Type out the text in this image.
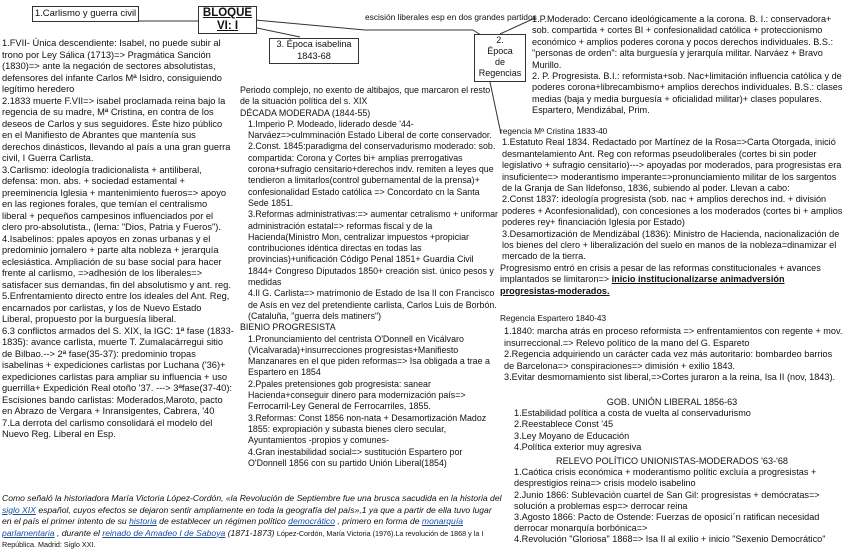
1.Carlismo y guerra civil	BLOQUE
VI: I
3. Época isabelina
1843-68
escisión liberales esp en dos grandes partidos
2.
Época
de
Regencias

1.FVII- Única descendiente: Isabel, no puede subir al trono por Ley Sálica (1713)=> Pragmática Sanción (1830)=> ante la negación de sectores absolutistas, defensores del infante Carlos Mª Isidro, consiguiendo legítimo heredero

2.1833 muerte F.VII=> isabel proclamada reina bajo la regencia de su madre, Mª Cristina, en contra de los deseos de Carlos y sus seguidores. Éste hizo público en el Manifiesto de Abrantes que mantenía sus derechos dinásticos, llevando al país a una gran guerra civil, I Guerra Carlista.

3.Carlismo: ideología tradicionalista + antiliberal, defensa: mon. abs. + sociedad estamental + preeminencia Iglesia + mantenimiento fueros=> apoyo en las regiones forales, que temían el centralismo liberal + pequeños campesinos influenciados por el clero pro-absolutista., (lema: "Dios, Patria y Fueros").

4.Isabelinos: ppales apoyos en zonas urbanas y el predominio jornalero + parte alta nobleza + jerarquía eclesiástica. Ampliación de su base social para hacer frente al carlismo, =>adhesión de los liberales=> satisfacer sus demandas, fin del absolutismo y ant. reg.

5.Enfrentamiento directo entre los ideales del Ant. Reg, encarnados por carlistas, y los de Nuevo Estado Liberal, propuesto por la burguesía liberal.

6.3 conflictos armados del S. XIX, la IGC: 1ª fase (1833-1835): avance carlista, muerte T. Zumalacárregui sitio de Bilbao.--> 2ª fase(35-37): predominio tropas isabelinas + expediciones carlistas por Luchana ('36)+ expediciones carlistas para ampliar su influencia + uso guerrilla+ Expedición Real otoño '37. ---> 3ªfase(37-40): Escisiones bando carlistas: Moderados,Maroto, pacto en Abrazo de Vergara + Inransigentes, Cabrera, '40

7.La derrota del carlismo consolidará el modelo del Nuevo Reg. Liberal en Esp.

Como señaló la historiadora María Victoria López-Cordón, «la Revolución de Septiembre fue una brusca sacudida en la historia del siglo XIX español, cuyos efectos se dejaron sentir ampliamente en toda la geografía del país»,1 ya que a partir de ella tuvo lugar en el país el primer intento de su historia de establecer un régimen político democrático , primero en forma de monarquía parlamentaria , durante el reinado de Amadeo I de Saboya (1871-1873) López-Cordón, María Victoria (1976).La revolución de 1868 y la I República. Madrid: Siglo XXI.

Periodo complejo, no exento de altibajos, que marcaron el resto de la situación política del s. XIX

DÉCADA MODERADA (1844-55)

1.Imperio P. Modeado, liderado desde '44-Narváez=>culmminación Estado Liberal de corte conservador.

2.Const. 1845:paradigma del conservadurismo moderado: sob. compartida: Corona y Cortes bi+ amplias prerrogativas corona+sufragio censitario+derechos indv. remiten a leyes que tendieron a limitarlos(control gubernamental de la prensa)+ confesionalidad Estado católica => Concordato cn la Santa Sede 1851.

3.Reformas administrativas:=> aumentar cetralismo + uniformar administración estatal=> reformas fiscal y de la Hacienda(Ministro Mon, centralizar impuestos +propiciar contribuciones idéntica directas en todas las provincias)+unificación Código Penal 1851+ Guardia Civil 1844+ Congreso Diputados 1850+ creación sist. único pesos y medidas

4.Il G. Carlista=> matrimonio de Estado de Isa II con Francisco de Asís en vez del pretendiente carlista, Carlos Luis de Borbón. (Cataluña, "guerra dels matiners")

BIENIO PROGRESISTA

1.Pronunciamiento del centrista O'Donnell en Vicálvaro (Vicalvarada)+insurrecciones progresistas+Manifiesto Manzanares en el que piden reformas=> Isa obligada a trae a Espartero en 1854

2.Ppales pretensiones gob progresista: sanear Hacienda+conseguir dinero para modernización país=> Ferrocarril-Ley General de Ferrocarriles, 1855.

3.Reformas: Const 1856 non-nata + Desamortización Madoz 1855: expropiación y subasta bienes clero secular, Ayuntamientos -propios y comunes-

4.Gran inestabilidad social=> sustitución Espartero por O'Donnell 1856 con su partido Unión Liberal(1854)

1.P.Moderado: Cercano ideológicamente a la corona. B. I.: conservadora+ sob. compartida + cortes BI + confesionalidad católica + proteccionismo económico + amplios poderes corona y pocos derechos individuales. B.S.: "personas de orden": alta burguesía y jerarquía militar. Narváez + Bravo Murillo.

2. P. Progresista. B.I.: reformista+sob. Nac+limitación influencia católica y de poderes corona+librecambismo+ amplios derechos individuales. B.S.: clases medias (baja y media burguesía + oficialidad militar)+ clases populares. Espartero, Mendizábal, Prim.

regencia Mª Cristina 1833-40

1.Estatuto Real 1834. Redactado por Martínez de la Rosa=>Carta Otorgada, inició desmantelamiento Ant. Reg con reformas pseudoliberales (cortes bi sin poder legislativo + sufragio censitario)---> apoyadas por moderados, para progresistas era insuficiente=> moderantismo imperante=>pronunciamiento militar de los sargentos de la Granja de San Ildefonso, 1836, subiendo al poder. Llevan a cabo:

2.Const 1837: ideología progresista (sob. nac + amplios derechos ind. + división poderes + Aconfesionalidad), con concesiones a los moderados (cortes bi + amplios poderes rey+ financiación Iglesia por Estado)

3.Desamortización de Mendizábal (1836): Ministro de Hacienda, nacionalización de los bienes del clero + liberalización del suelo en manos de la nobleza=dinamizar el mercado de la tierra.

Progresismo entró en crisis a pesar de las reformas constitucionales + avances implantados se limitaron=> inicio institucionalizarse animadversión progresistas-moderados.

Regencia Espartero 1840-43

1.1840: marcha atrás en proceso reformista => enfrentamientos con regente + mov. insurreccional.=> Relevo político de la mano del G. Espareto

2.Regencia adquiriendo un carácter cada vez más autoritario: bombardeo barrios de Barcelona=> conspiraciones=> dimisión + exilio 1843.

3.Evitar desmornamiento sist liberal,=>Cortes juraron a la reina, Isa II (nov, 1843).

GOB. UNIÓN LIBERAL 1856-63

1.Estabilidad política a costa de vuelta al conservadurismo

2.Reestablece Const '45

3.Ley Moyano de Educación

4.Política exterior muy agresiva

RELEVO POLÍTICO UNIONISTAS-MODERADOS '63-'68

1.Caótica crisis económica + moderantismo polític excluía a progresistas + desprestigios reina=> crisis modelo isabelino

2.Junio 1866: Sublevación cuartel de San Gil: progresistas + demócratas=> solución a problemas esp=> derrocar reina

3.Agosto 1866: Pacto de Ostende: Fuerzas de oposici´n ratifican necesidad derrocar monarquía borbónica=>

4.Revolución "Gloriosa" 1868=> Isa II al exilio + inicio "Sexenio Democrático"
